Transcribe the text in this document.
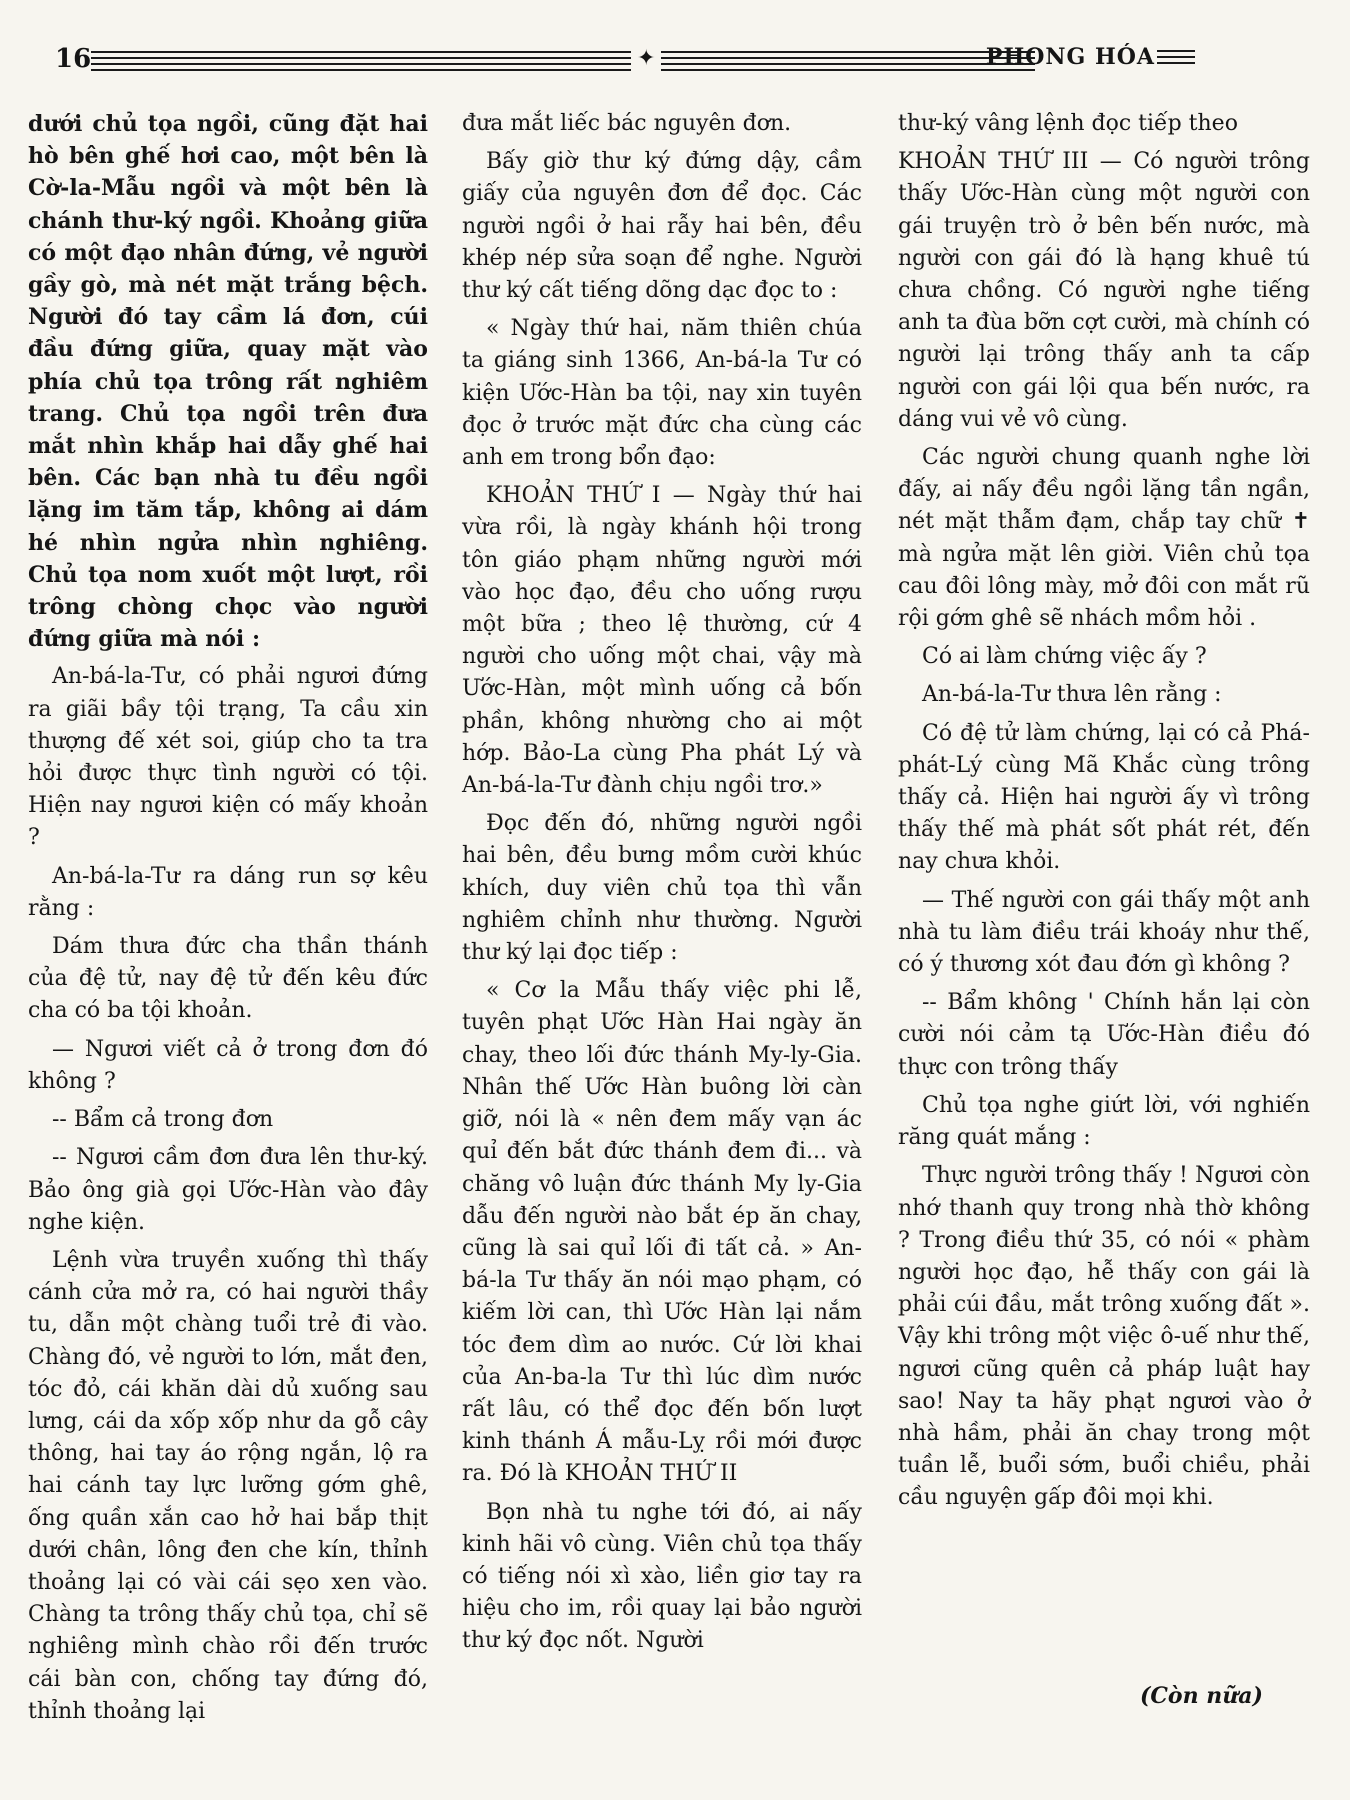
16	✦	PHONG HÓA

dưới chủ tọa ngồi, cũng đặt hai hò bên ghế hơi cao, một bên là Cờ-la-Mẫu ngồi và một bên là chánh thư-ký ngồi. Khoảng giữa có một đạo nhân đứng, vẻ người gầy gò, mà nét mặt trắng bệch. Người đó tay cầm lá đơn, cúi đầu đứng giữa, quay mặt vào phía chủ tọa trông rất nghiêm trang. Chủ tọa ngồi trên đưa mắt nhìn khắp hai dẫy ghế hai bên. Các bạn nhà tu đều ngồi lặng im tăm tắp, không ai dám hé nhìn ngửa nhìn nghiêng. Chủ tọa nom xuốt một lượt, rồi trông chòng chọc vào người đứng giữa mà nói :

An-bá-la-Tư, có phải ngươi đứng ra giãi bầy tội trạng, Ta cầu xin thượng đế xét soi, giúp cho ta tra hỏi được thực tình người có tội. Hiện nay ngươi kiện có mấy khoản ?

An-bá-la-Tư ra dáng run sợ kêu rằng :

Dám thưa đức cha thần thánh của đệ tử, nay đệ tử đến kêu đức cha có ba tội khoản.

— Ngươi viết cả ở trong đơn đó không ?

-- Bẩm cả trong đơn

-- Ngươi cầm đơn đưa lên thư-ký. Bảo ông già gọi Ước-Hàn vào đây nghe kiện.

Lệnh vừa truyền xuống thì thấy cánh cửa mở ra, có hai người thầy tu, dẫn một chàng tuổi trẻ đi vào. Chàng đó, vẻ người to lớn, mắt đen, tóc đỏ, cái khăn dài dủ xuống sau lưng, cái da xốp xốp như da gỗ cây thông, hai tay áo rộng ngắn, lộ ra hai cánh tay lực lưỡng gớm ghê, ống quần xắn cao hở hai bắp thịt dưới chân, lông đen che kín, thỉnh thoảng lại có vài cái sẹo xen vào. Chàng ta trông thấy chủ tọa, chỉ sẽ nghiêng mình chào rồi đến trước cái bàn con, chống tay đứng đó, thỉnh thoảng lại

đưa mắt liếc bác nguyên đơn.

Bấy giờ thư ký đứng dậy, cầm giấy của nguyên đơn để đọc. Các người ngồi ở hai rẫy hai bên, đều khép nép sửa soạn để nghe. Người thư ký cất tiếng dõng dạc đọc to :

« Ngày thứ hai, năm thiên chúa ta giáng sinh 1366, An-bá-la Tư có kiện Ước-Hàn ba tội, nay xin tuyên đọc ở trước mặt đức cha cùng các anh em trong bổn đạo:

KHOẢN THỨ I — Ngày thứ hai vừa rồi, là ngày khánh hội trong tôn giáo phạm những người mới vào học đạo, đều cho uống rượu một bữa ; theo lệ thường, cứ 4 người cho uống một chai, vậy mà Ước-Hàn, một mình uống cả bốn phần, không nhường cho ai một hớp. Bảo-La cùng Pha phát Lý và An-bá-la-Tư đành chịu ngồi trơ.»

Đọc đến đó, những người ngồi hai bên, đều bưng mồm cười khúc khích, duy viên chủ tọa thì vẫn nghiêm chỉnh như thường. Người thư ký lại đọc tiếp :

« Cơ la Mẫu thấy việc phi lễ, tuyên phạt Ước Hàn Hai ngày ăn chay, theo lối đức thánh My-ly-Gia. Nhân thế Ước Hàn buông lời càn giỡ, nói là « nên đem mấy vạn ác quỉ đến bắt đức thánh đem đi... và chăng vô luận đức thánh My ly-Gia dẫu đến người nào bắt ép ăn chay, cũng là sai quỉ lối đi tất cả. » An-bá-la Tư thấy ăn nói mạo phạm, có kiếm lời can, thì Ước Hàn lại nắm tóc đem dìm ao nước. Cứ lời khai của An-ba-la Tư thì lúc dìm nước rất lâu, có thể đọc đến bốn lượt kinh thánh Á mẫu-Lỵ rồi mới được ra. Đó là KHOẢN THỨ II

Bọn nhà tu nghe tới đó, ai nấy kinh hãi vô cùng. Viên chủ tọa thấy có tiếng nói xì xào, liền giơ tay ra hiệu cho im, rồi quay lại bảo người thư ký đọc nốt. Người

thư-ký vâng lệnh đọc tiếp theo

KHOẢN THỨ III — Có người trông thấy Ước-Hàn cùng một người con gái truyện trò ở bên bến nước, mà người con gái đó là hạng khuê tú chưa chồng. Có người nghe tiếng anh ta đùa bỡn cợt cười, mà chính có người lại trông thấy anh ta cấp người con gái lội qua bến nước, ra dáng vui vẻ vô cùng.

Các người chung quanh nghe lời đấy, ai nấy đều ngồi lặng tần ngần, nét mặt thẫm đạm, chắp tay chữ ✝ mà ngửa mặt lên giời. Viên chủ tọa cau đôi lông mày, mở đôi con mắt rũ rội gớm ghê sẽ nhách mồm hỏi .

Có ai làm chứng việc ấy ?

An-bá-la-Tư thưa lên rằng :

Có đệ tử làm chứng, lại có cả Phá-phát-Lý cùng Mã Khắc cùng trông thấy cả. Hiện hai người ấy vì trông thấy thế mà phát sốt phát rét, đến nay chưa khỏi.

— Thế người con gái thấy một anh nhà tu làm điều trái khoáy như thế, có ý thương xót đau đớn gì không ?

-- Bẩm không ' Chính hắn lại còn cười nói cảm tạ Ước-Hàn điều đó thực con trông thấy

Chủ tọa nghe giứt lời, với nghiến răng quát mắng :

Thực người trông thấy ! Ngươi còn nhớ thanh quy trong nhà thờ không ? Trong điều thứ 35, có nói « phàm người học đạo, hễ thấy con gái là phải cúi đầu, mắt trông xuống đất ». Vậy khi trông một việc ô-uế như thế, ngươi cũng quên cả pháp luật hay sao! Nay ta hãy phạt ngươi vào ở nhà hầm, phải ăn chay trong một tuần lễ, buổi sớm, buổi chiều, phải cầu nguyện gấp đôi mọi khi.

(Còn nữa)
